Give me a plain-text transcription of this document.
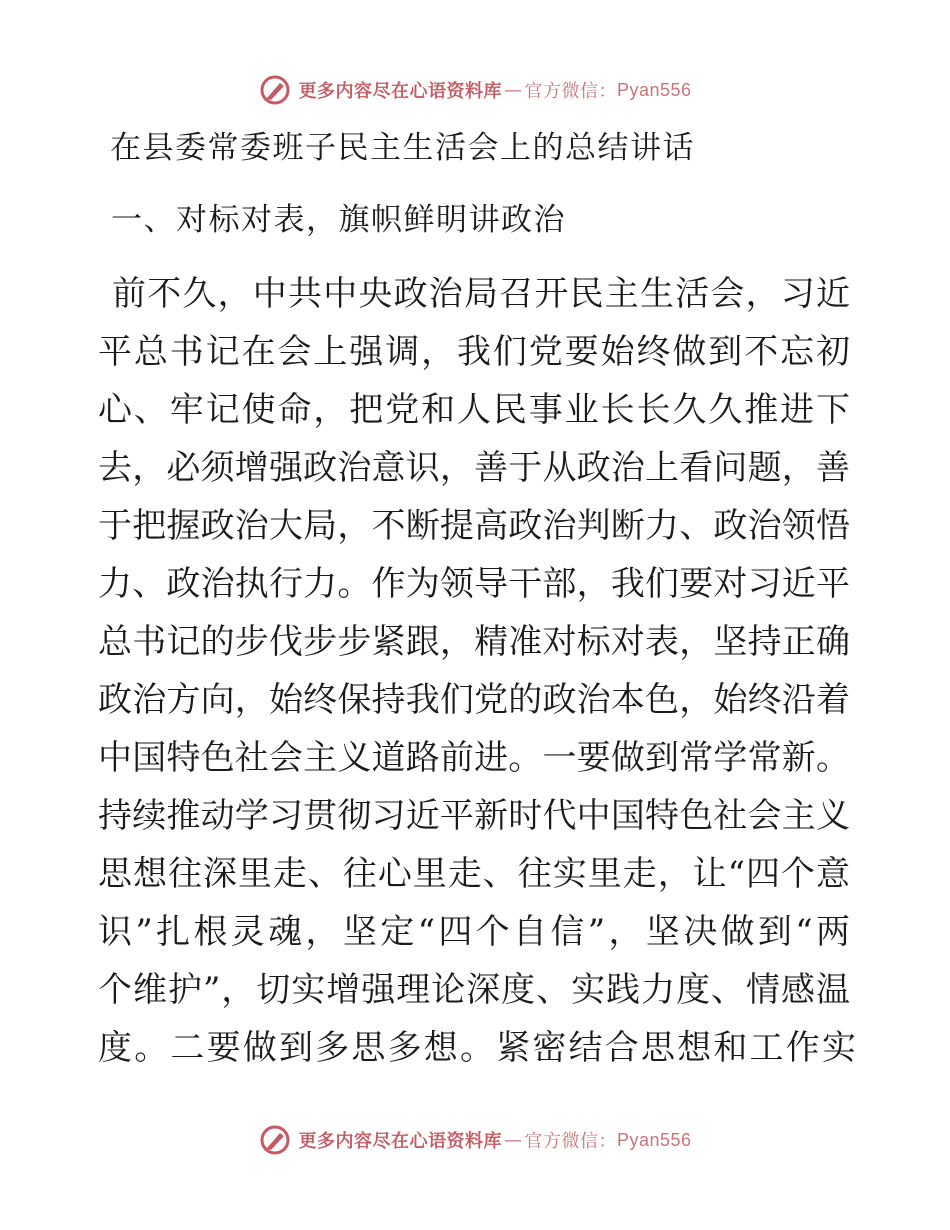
更多内容尽在心语资料库 — 官方微信： Pyan556
在县委常委班子民主生活会上的总结讲话
一、对标对表，旗帜鲜明讲政治
前不久，中共中央政治局召开民主生活会，习近
平总书记在会上强调，我们党要始终做到不忘初
心、牢记使命，把党和人民事业长长久久推进下
去，必须增强政治意识，善于从政治上看问题，善
于把握政治大局，不断提高政治判断力、政治领悟
力、政治执行力。作为领导干部，我们要对习近平
总书记的步伐步步紧跟，精准对标对表，坚持正确
政治方向，始终保持我们党的政治本色，始终沿着
中国特色社会主义道路前进。一要做到常学常新。
持续推动学习贯彻习近平新时代中国特色社会主义
思想往深里走、往心里走、往实里走，让“四个意
识”扎根灵魂，坚定“四个自信”，坚决做到“两
个维护”，切实增强理论深度、实践力度、情感温
度。二要做到多思多想。紧密结合思想和工作实
更多内容尽在心语资料库 — 官方微信： Pyan556
